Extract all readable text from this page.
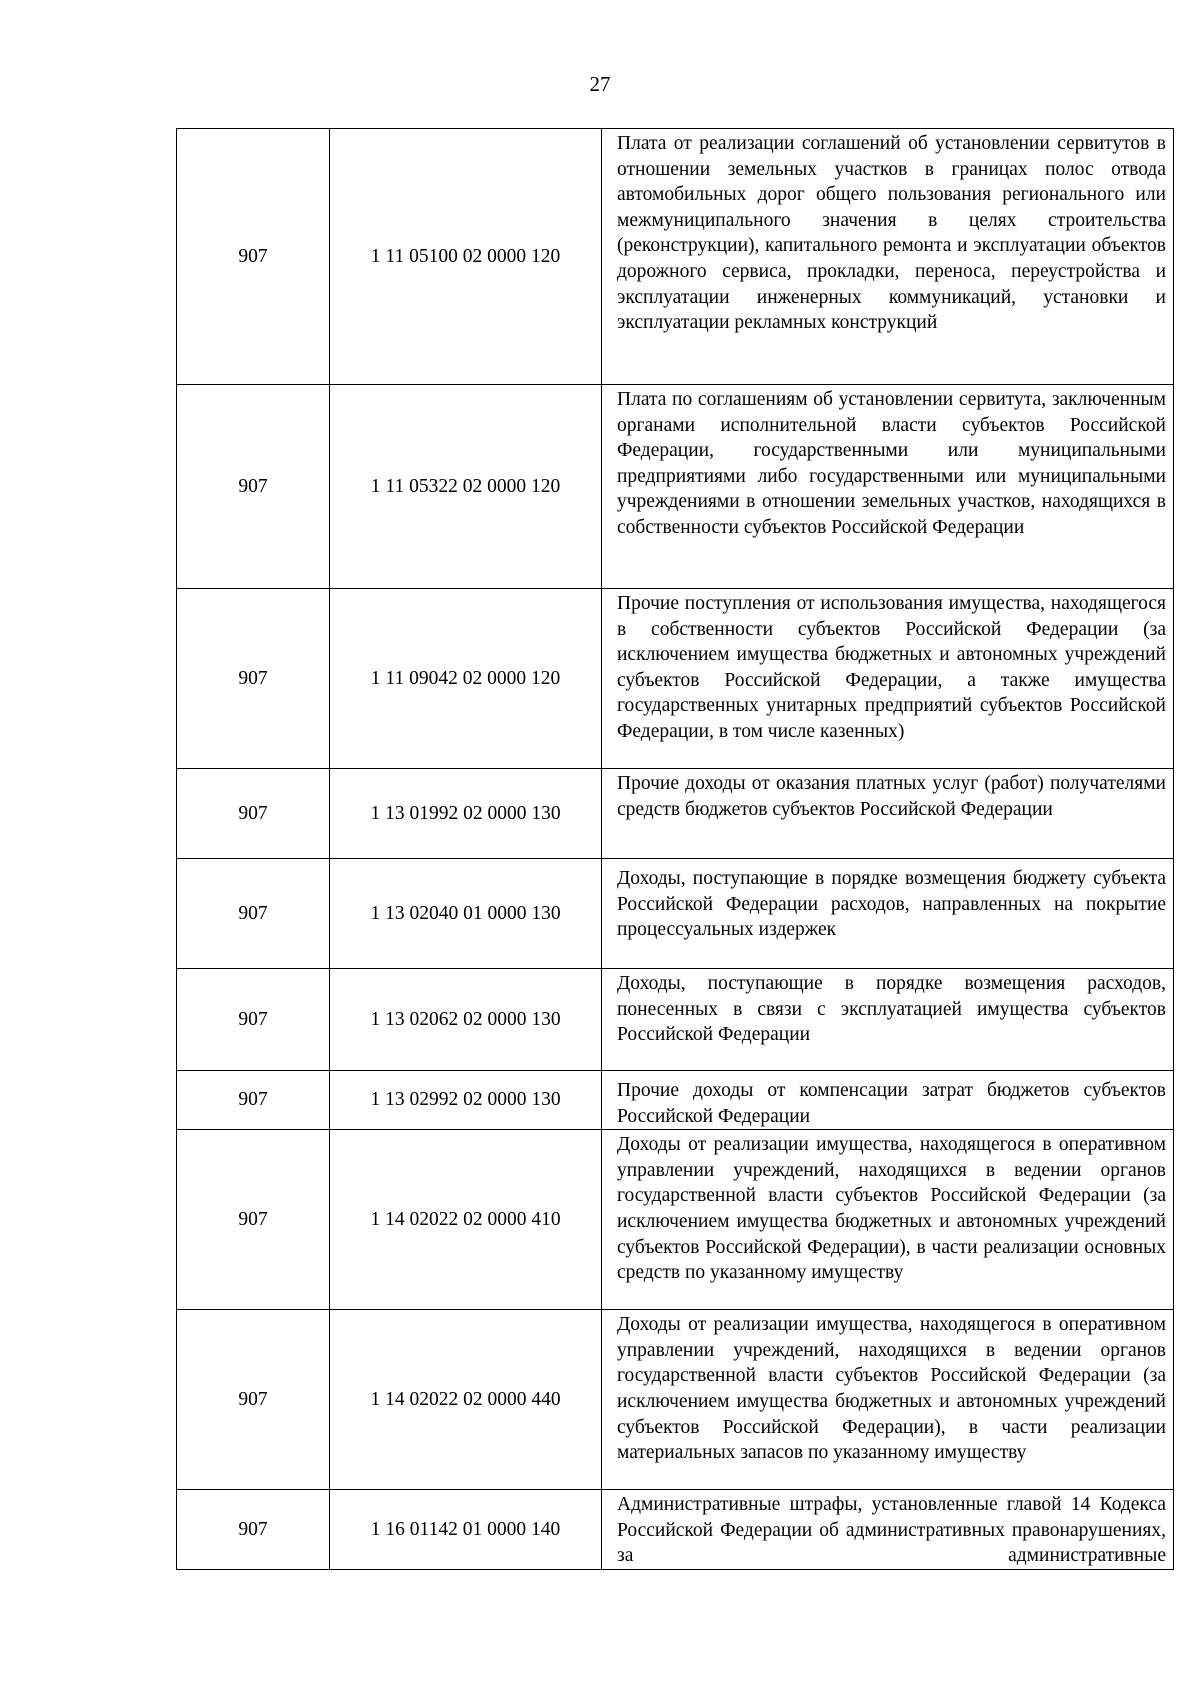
27
907	1 11 05100 02 0000 120	Плата от реализации соглашений об установлении сервитутов в отношении земельных участков в границах полос отвода автомобильных дорог общего пользования регионального или межмуниципального значения в целях строительства (реконструкции), капитального ремонта и эксплуатации объектов дорожного сервиса, прокладки, переноса, переустройства и эксплуатации инженерных коммуникаций, установки и эксплуатации рекламных конструкций
907	1 11 05322 02 0000 120	Плата по соглашениям об установлении сервитута, заключенным органами исполнительной власти субъектов Российской Федерации, государственными или муниципальными предприятиями либо государственными или муниципальными учреждениями в отношении земельных участков, находящихся в собственности субъектов Российской Федерации
907	1 11 09042 02 0000 120	Прочие поступления от использования имущества, находящегося в собственности субъектов Российской Федерации (за исключением имущества бюджетных и автономных учреждений субъектов Российской Федерации, а также имущества государственных унитарных предприятий субъектов Российской Федерации, в том числе казенных)
907	1 13 01992 02 0000 130	Прочие доходы от оказания платных услуг (работ) получателями средств бюджетов субъектов Российской Федерации
907	1 13 02040 01 0000 130	Доходы, поступающие в порядке возмещения бюджету субъекта Российской Федерации расходов, направленных на покрытие процессуальных издержек
907	1 13 02062 02 0000 130	Доходы, поступающие в порядке возмещения расходов, понесенных в связи с эксплуатацией имущества субъектов Российской Федерации
907	1 13 02992 02 0000 130	Прочие доходы от компенсации затрат бюджетов субъектов Российской Федерации
907	1 14 02022 02 0000 410	Доходы от реализации имущества, находящегося в оперативном управлении учреждений, находящихся в ведении органов государственной власти субъектов Российской Федерации (за исключением имущества бюджетных и автономных учреждений субъектов Российской Федерации), в части реализации основных средств по указанному имуществу
907	1 14 02022 02 0000 440	Доходы от реализации имущества, находящегося в оперативном управлении учреждений, находящихся в ведении органов государственной власти субъектов Российской Федерации (за исключением имущества бюджетных и автономных учреждений субъектов Российской Федерации), в части реализации материальных запасов по указанному имуществу
907	1 16 01142 01 0000 140	Административные штрафы, установленные главой 14 Кодекса Российской Федерации об административных правонарушениях, за административные
